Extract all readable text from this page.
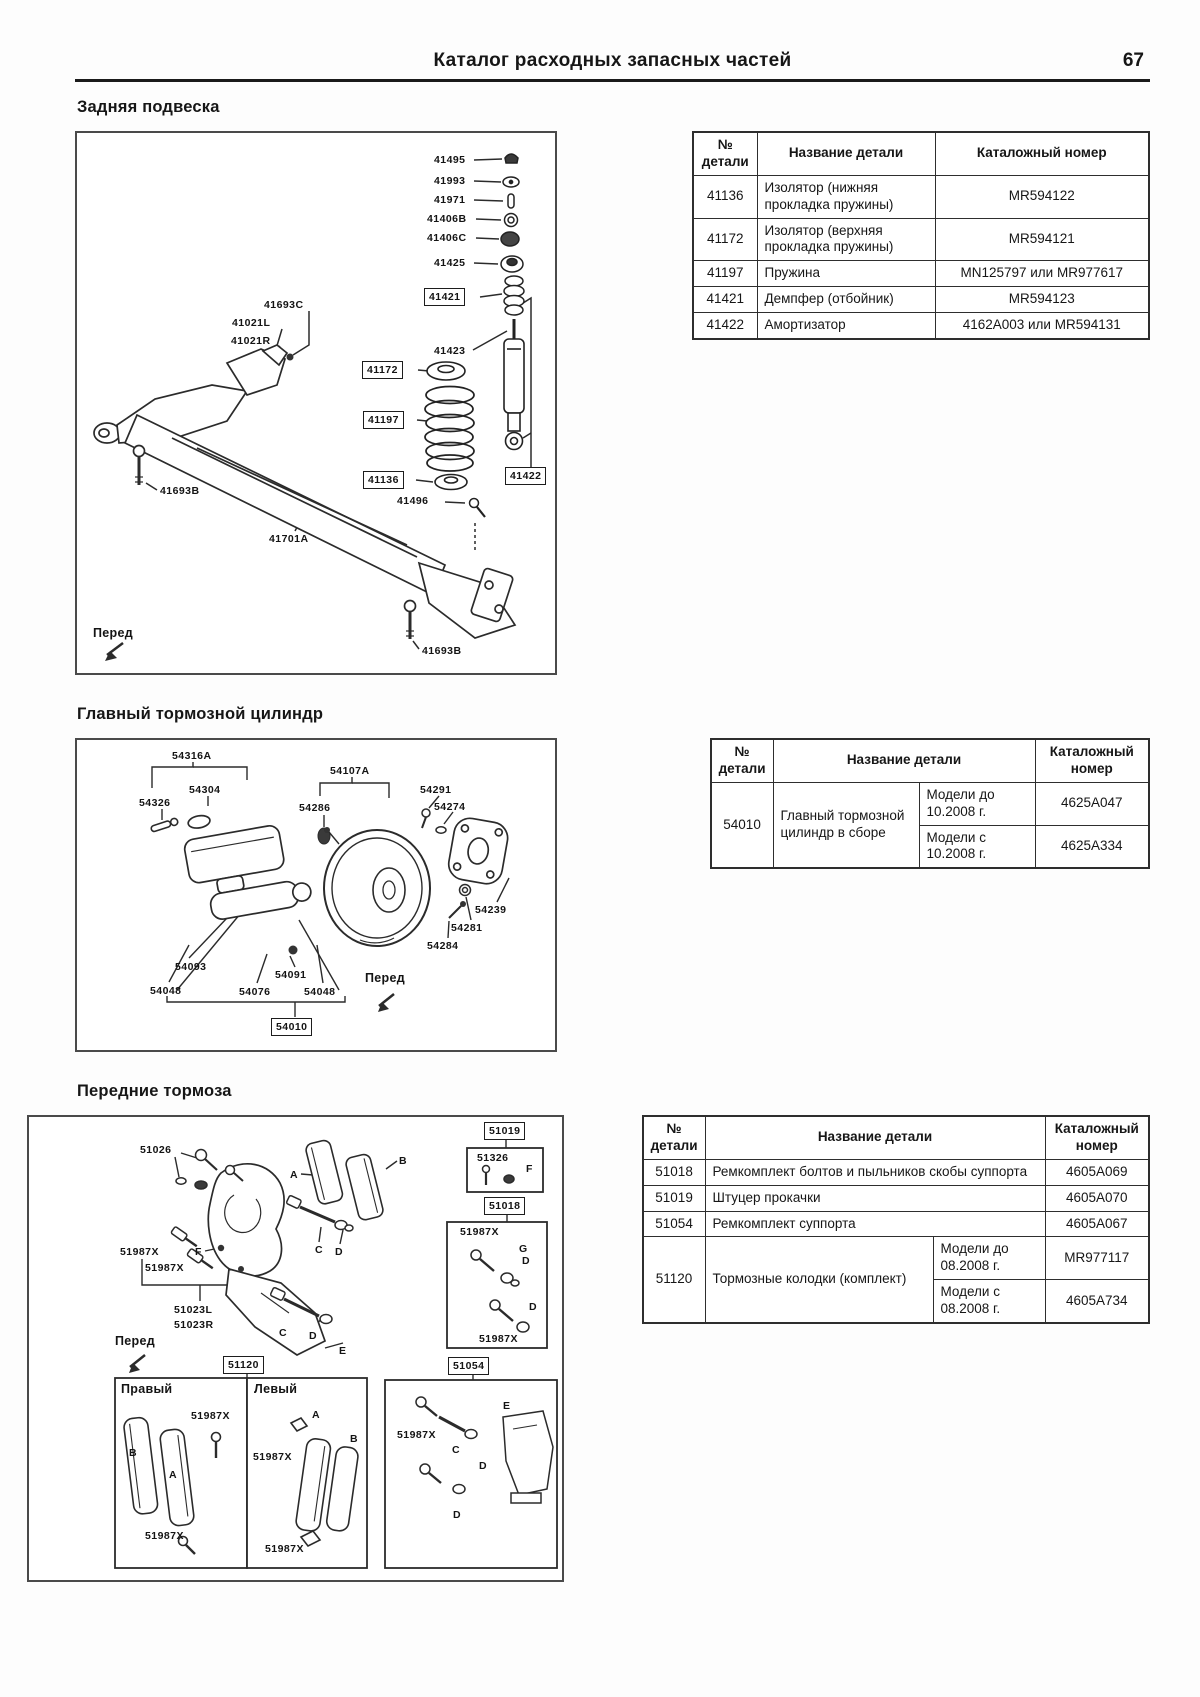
Каталог расходных запасных частей	67
Задняя подвеска
41495
41993
41971
41406B
41406C
41425
41421
41423
41172
41197
41136
41496
41422
41693C
41021L
41021R
41693B
41701A
Перед
41693B
№ детали	Название детали	Каталожный номер
41136	Изолятор (нижняя прокладка пружины)	MR594122
41172	Изолятор (верхняя прокладка пружины)	MR594121
41197	Пружина	MN125797 или MR977617
41421	Демпфер (отбойник)	MR594123
41422	Амортизатор	4162A003 или MR594131
Главный тормозной цилиндр
54316A
54304
54326
54107A
54286
54291
54274
54239
54281
54284
54093
54091
54048	54076	54048
Перед
54010
№ детали	Название детали		Каталожный номер
54010	Главный тормозной цилиндр в сборе	Модели до 10.2008 г.	4625A047
		Модели с 10.2008 г.	4625A334
Передние тормоза
51026
A
B
51019
51326
F
51018
51987X
G
D
D
51987X
51987X	F
51987X
C D
51023L
51023R
C D
E
Перед
51120
Правый	Левый
51054
51987X
B
A
51987X
A
B
51987X
51987X
E
51987X
C
D
D
№ детали	Название детали		Каталожный номер
51018	Ремкомплект болтов и пыльников скобы суппорта		4605A069
51019	Штуцер прокачки		4605A070
51054	Ремкомплект суппорта		4605A067
51120	Тормозные колодки (комплект)	Модели до 08.2008 г.	MR977117
		Модели с 08.2008 г.	4605A734
